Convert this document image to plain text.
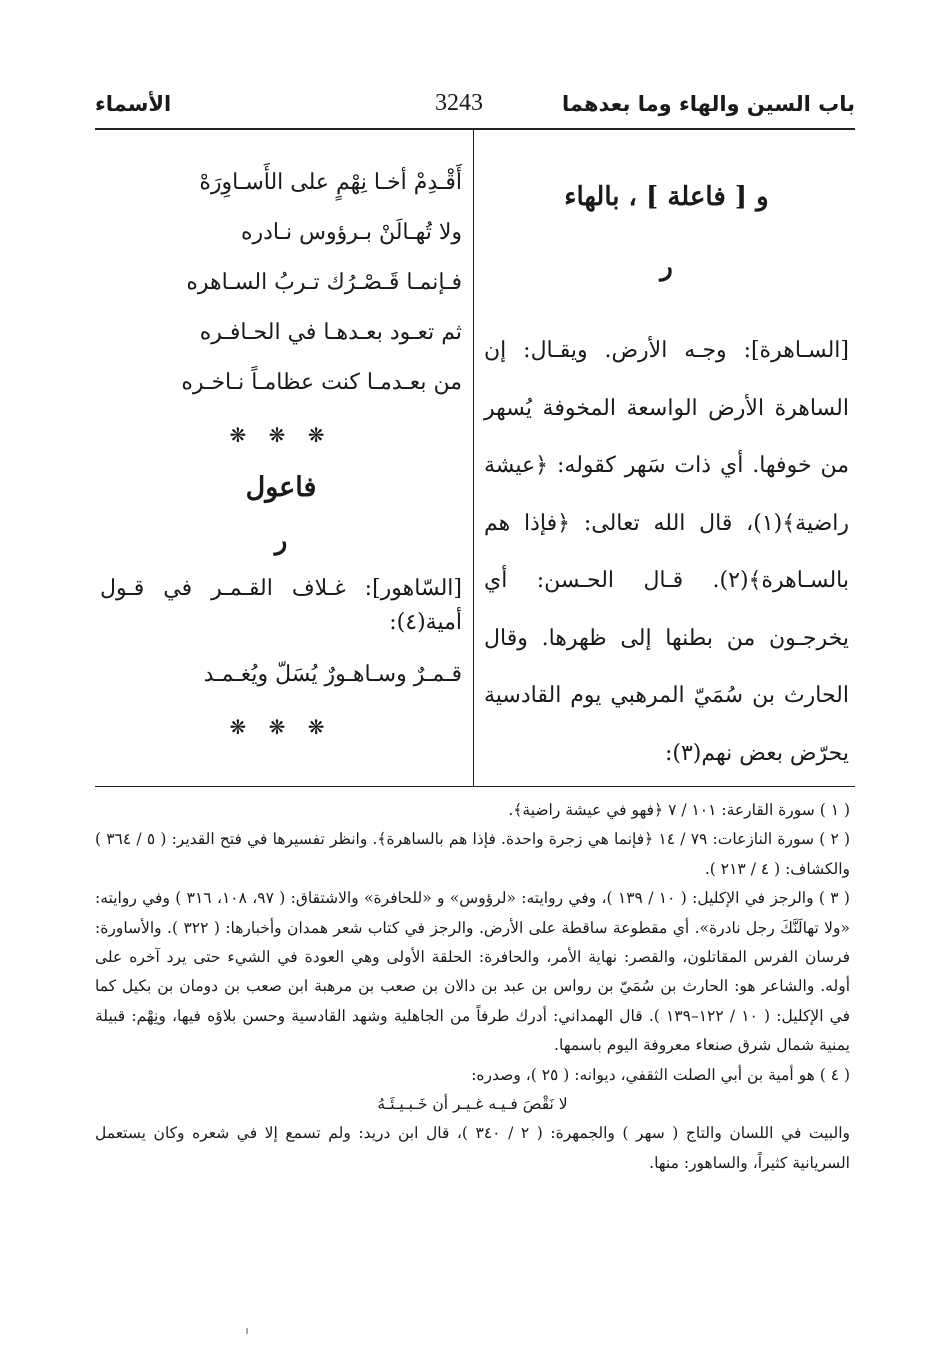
باب السين والهاء وما بعدهما
3243
الأسماء
و [ فاعلة ] ، بالهاء
ر
[السـاهرة]: وجـه الأرض. ويقـال: إن الساهرة الأرض الواسعة المخوفة يُسهر من خوفها. أي ذات سَهر كقوله: ﴿عيشة راضية﴾(١)، قال الله تعالى: ﴿فإذا هم بالسـاهرة﴾(٢). قـال الحـسن: أي يخرجـون من بطنها إلى ظهرها. وقال الحارث بن سُمَيّ المرهبي يوم القادسية يحرّض بعض نهم(٣):
أَقْـدِمْ أخـا نِهْمٍ على الأَسـاوِرَهْ
ولا تُهـالَنْ بـرؤوس نـادره
فـإنمـا قَـصْـرُك تـربُ السـاهره
ثم تعـود بعـدهـا في الحـافـره
من بعـدمـا كنت عظامـاً نـاخـره
❋ ❋ ❋
فاعول
ر
[السّاهور]: غـلاف القـمـر في قـول أمية(٤):
قـمـرٌ وسـاهـورٌ يُسَلّ ويُغـمـد
❋ ❋ ❋

( ١ ) سورة القارعة: ١٠١ / ٧ ﴿فهو في عيشة راضية﴾.

( ٢ ) سورة النازعات: ٧٩ / ١٤ ﴿فإنما هي زجرة واحدة. فإذا هم بالساهرة﴾. وانظر تفسيرها في فتح القدير: ( ٥ / ٣٦٤ ) والكشاف: ( ٤ / ٢١٣ ).

( ٣ ) والرجز في الإكليل: ( ١٠ / ١٣٩ )، وفي روايته: «لرؤوس» و «للحافرة» والاشتقاق: ( ٩٧، ١٠٨، ٣١٦ ) وفي روايته: «ولا تهالَنَّكَ رجل نادرة». أي مقطوعة ساقطة على الأرض. والرجز في كتاب شعر همدان وأخبارها: ( ٣٢٢ ). والأساورة: فرسان الفرس المقاتلون، والقصر: نهاية الأمر، والحافرة: الحلقة الأولى وهي العودة في الشيء حتى يرد آخره على أوله. والشاعر هو: الحارث بن سُمَيّ بن رواس بن عبد بن دالان بن صعب بن مرهبة ابن صعب بن دومان بن بكيل كما في الإكليل: ( ١٠ / ١٢٢–١٣٩ ). قال الهمداني: أدرك طرفاً من الجاهلية وشهد القادسية وحسن بلاؤه فيها، ونِهْم: قبيلة يمنية شمال شرق صنعاء معروفة اليوم باسمها.

( ٤ ) هو أمية بن أبي الصلت الثقفي، ديوانه: ( ٢٥ )، وصدره:

لا نَقْصَ فـيـه غـيـر أن خَـبـيـئَـهُ

والبيت في اللسان والتاج ( سهر ) والجمهرة: ( ٢ / ٣٤٠ )، قال ابن دريد: ولم تسمع إلا في شعره وكان يستعمل السريانية كثيراً، والساهور: منها.
